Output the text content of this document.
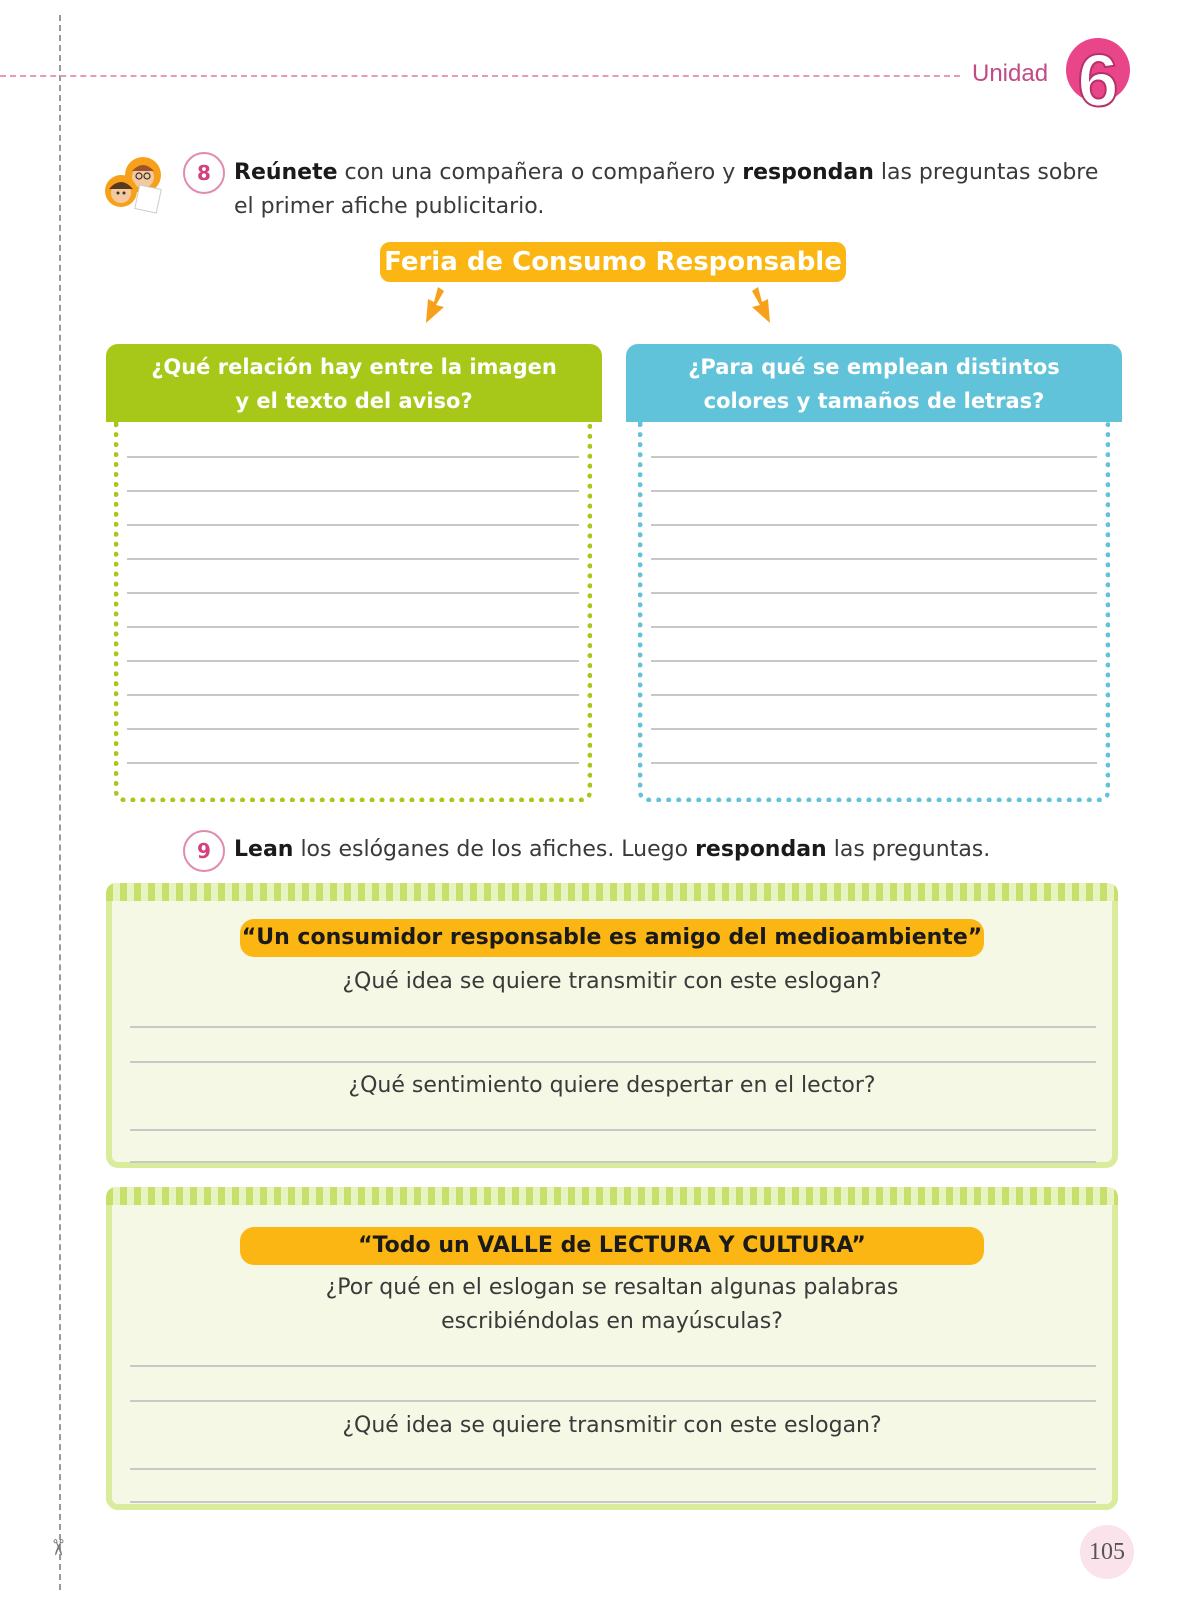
✂
Unidad 6
8	Reúnete con una compañera o compañero y respondan las preguntas sobre
el primer afiche publicitario.
Feria de Consumo Responsable
¿Qué relación hay entre la imagen
y el texto del aviso?
¿Para qué se emplean distintos
colores y tamaños de letras?
9	Lean los eslóganes de los afiches. Luego respondan las preguntas.
“Un consumidor responsable es amigo del medioambiente”
¿Qué idea se quiere transmitir con este eslogan?
¿Qué sentimiento quiere despertar en el lector?
“Todo un VALLE de LECTURA Y CULTURA”
¿Por qué en el eslogan se resaltan algunas palabras
escribiéndolas en mayúsculas?
¿Qué idea se quiere transmitir con este eslogan?
105
